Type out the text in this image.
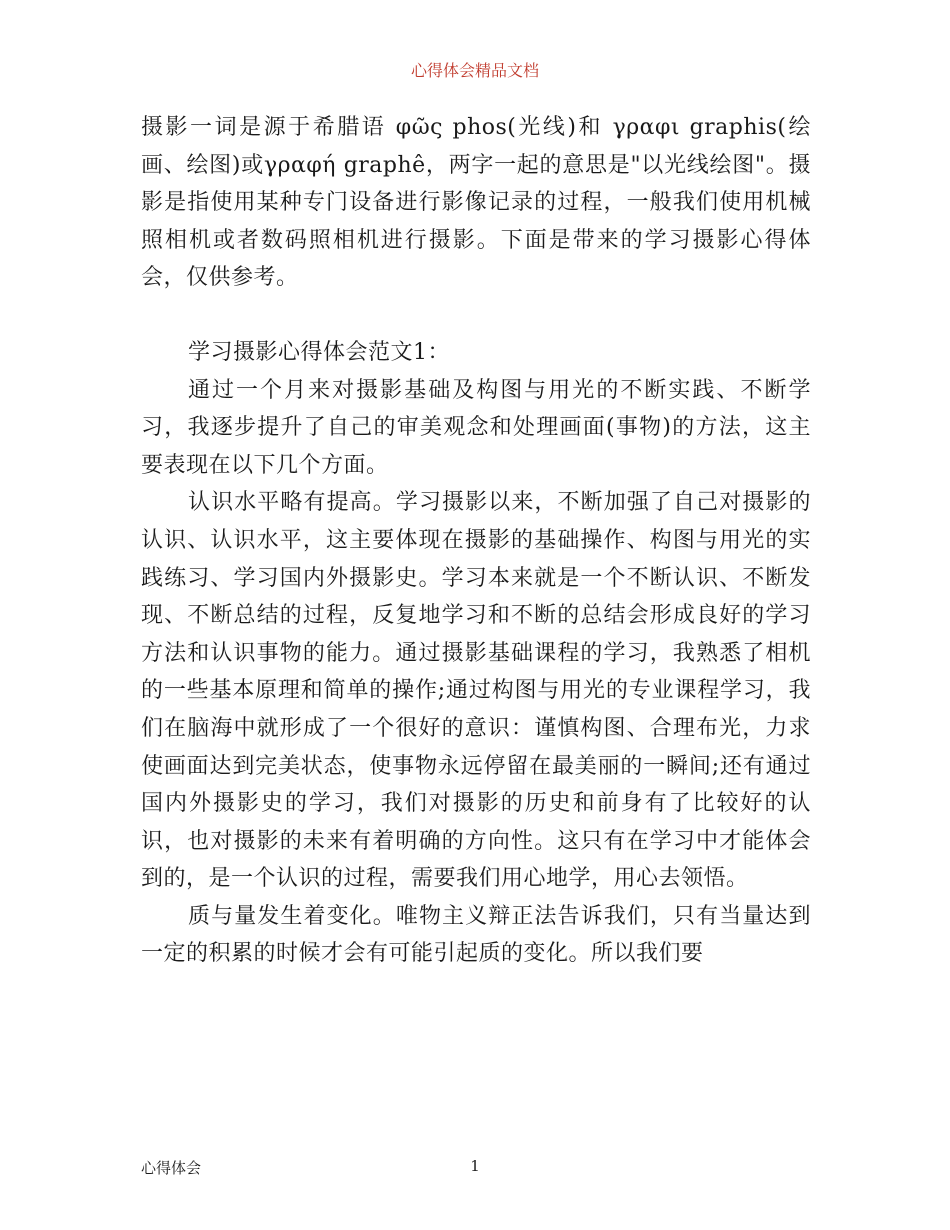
心得体会精品文档

摄影一词是源于希腊语 φῶς phos(光线)和 γραφι graphis(绘画、绘图)或γραφή graphê，两字一起的意思是"以光线绘图"。摄影是指使用某种专门设备进行影像记录的过程，一般我们使用机械照相机或者数码照相机进行摄影。下面是带来的学习摄影心得体会，仅供参考。

学习摄影心得体会范文1：

通过一个月来对摄影基础及构图与用光的不断实践、不断学习，我逐步提升了自己的审美观念和处理画面(事物)的方法，这主要表现在以下几个方面。

认识水平略有提高。学习摄影以来，不断加强了自己对摄影的认识、认识水平，这主要体现在摄影的基础操作、构图与用光的实践练习、学习国内外摄影史。学习本来就是一个不断认识、不断发现、不断总结的过程，反复地学习和不断的总结会形成良好的学习方法和认识事物的能力。通过摄影基础课程的学习，我熟悉了相机的一些基本原理和简单的操作;通过构图与用光的专业课程学习，我们在脑海中就形成了一个很好的意识：谨慎构图、合理布光，力求使画面达到完美状态，使事物永远停留在最美丽的一瞬间;还有通过国内外摄影史的学习，我们对摄影的历史和前身有了比较好的认识，也对摄影的未来有着明确的方向性。这只有在学习中才能体会到的，是一个认识的过程，需要我们用心地学，用心去领悟。

质与量发生着变化。唯物主义辩正法告诉我们，只有当量达到一定的积累的时候才会有可能引起质的变化。所以我们要

心得体会	1
